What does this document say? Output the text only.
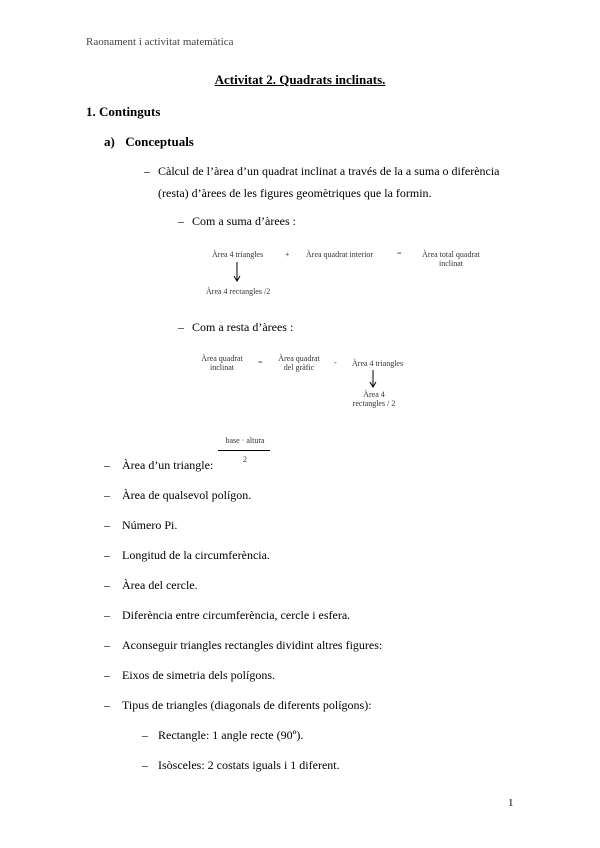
Raonament i activitat matemàtica
Activitat 2. Quadrats inclinats.
1. Continguts
a) Conceptuals
– Càlcul de l’àrea d’un quadrat inclinat a través de la a suma o diferència
(resta) d’àrees de les figures geomètriques que la formin.
– Com a suma d’àrees :
Àrea 4 triangles	+ Àrea quadrat interior	=	Àrea total quadrat
inclinat
Àrea 4 rectangles /2
– Com a resta d’àrees :
Àrea quadrat
inclinat
=	Àrea quadrat
del gràfic
- Àrea 4 triangles
Àrea 4
rectangles / 2
base · altura
2
– Àrea d’un triangle:
– Àrea de qualsevol polígon.
– Número Pi.
– Longitud de la circumferència.
– Àrea del cercle.
– Diferència entre circumferència, cercle i esfera.
– Aconseguir triangles rectangles dividint altres figures:
– Eixos de simetria dels polígons.
– Tipus de triangles (diagonals de diferents polígons):
– Rectangle: 1 angle recte (90º).
– Isòsceles: 2 costats iguals i 1 diferent.
1
